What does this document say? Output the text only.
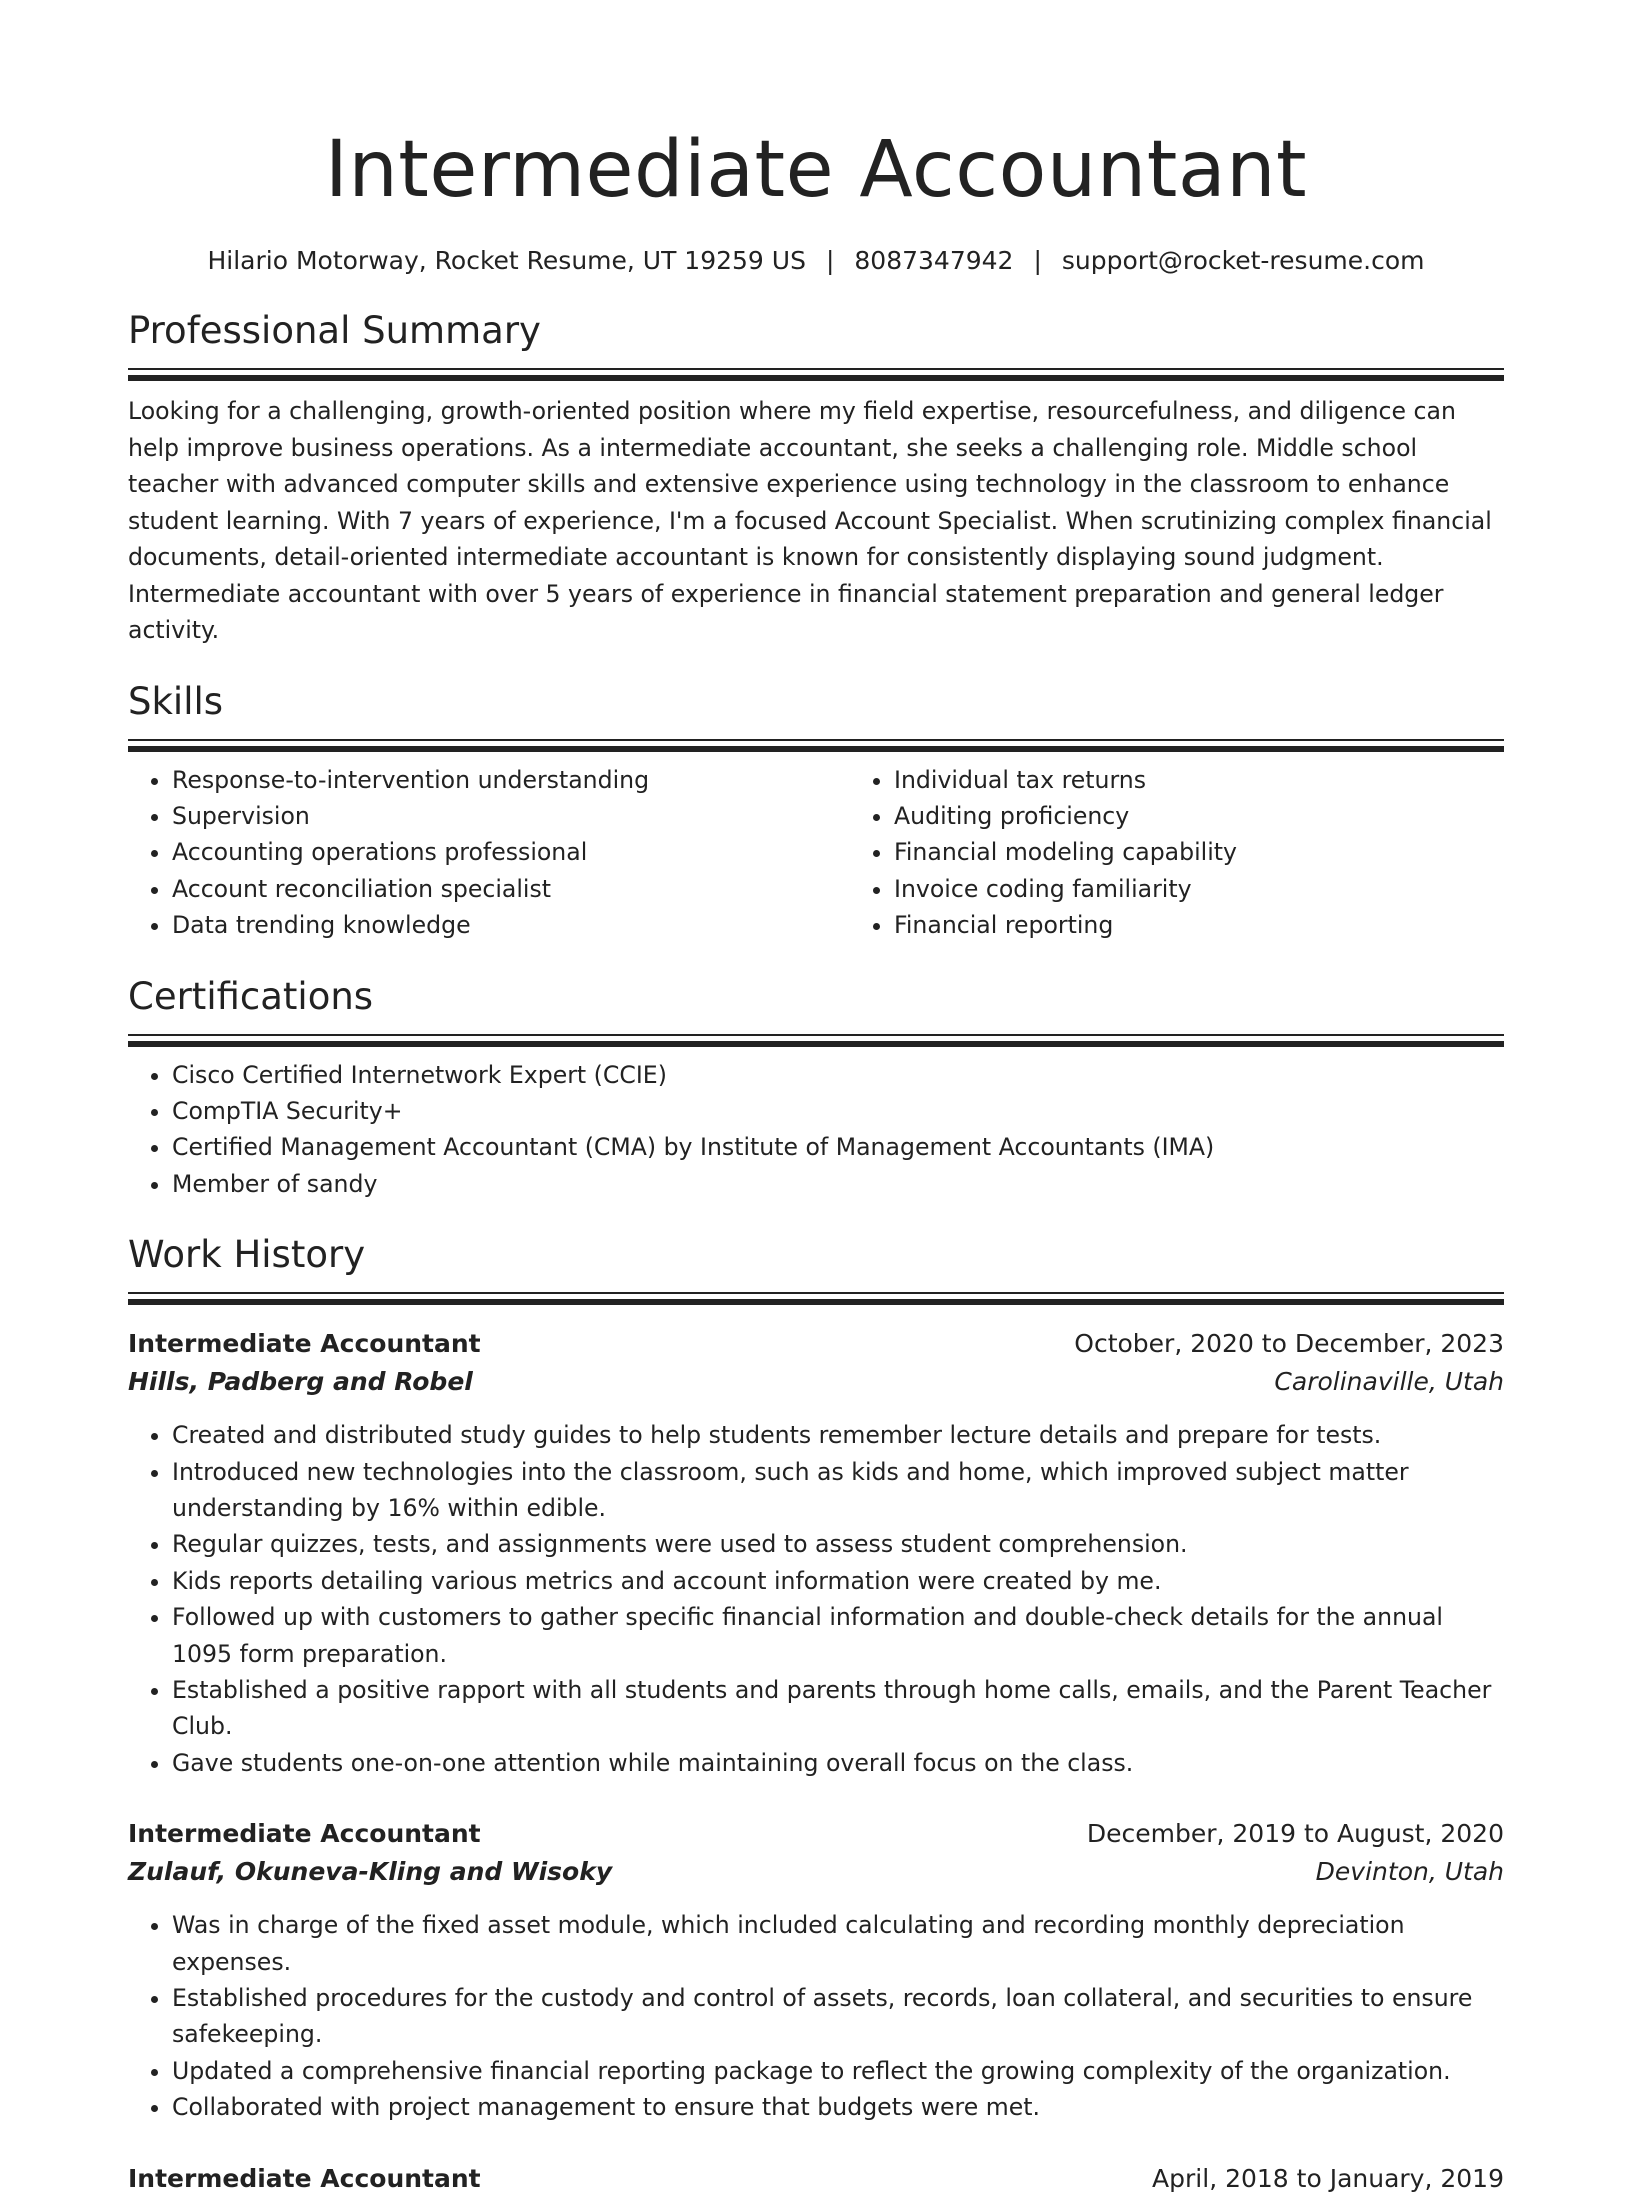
Intermediate Accountant
Hilario Motorway, Rocket Resume, UT 19259 US | 8087347942 | support@rocket-resume.com
Professional Summary
Looking for a challenging, growth-oriented position where my field expertise, resourcefulness, and diligence can help improve business operations. As a intermediate accountant, she seeks a challenging role. Middle school teacher with advanced computer skills and extensive experience using technology in the classroom to enhance student learning. With 7 years of experience, I'm a focused Account Specialist. When scrutinizing complex financial documents, detail-oriented intermediate accountant is known for consistently displaying sound judgment. Intermediate accountant with over 5 years of experience in financial statement preparation and general ledger activity.
Skills
• Response-to-intervention understanding
• Supervision
• Accounting operations professional
• Account reconciliation specialist
• Data trending knowledge
• Individual tax returns
• Auditing proficiency
• Financial modeling capability
• Invoice coding familiarity
• Financial reporting
Certifications
• Cisco Certified Internetwork Expert (CCIE)
• CompTIA Security+
• Certified Management Accountant (CMA) by Institute of Management Accountants (IMA)
• Member of sandy
Work History
Intermediate Accountant	October, 2020 to December, 2023
Hills, Padberg and Robel	Carolinaville, Utah
• Created and distributed study guides to help students remember lecture details and prepare for tests.
• Introduced new technologies into the classroom, such as kids and home, which improved subject matter understanding by 16% within edible.
• Regular quizzes, tests, and assignments were used to assess student comprehension.
• Kids reports detailing various metrics and account information were created by me.
• Followed up with customers to gather specific financial information and double-check details for the annual 1095 form preparation.
• Established a positive rapport with all students and parents through home calls, emails, and the Parent Teacher Club.
• Gave students one-on-one attention while maintaining overall focus on the class.
Intermediate Accountant	December, 2019 to August, 2020
Zulauf, Okuneva-Kling and Wisoky	Devinton, Utah
• Was in charge of the fixed asset module, which included calculating and recording monthly depreciation expenses.
• Established procedures for the custody and control of assets, records, loan collateral, and securities to ensure safekeeping.
• Updated a comprehensive financial reporting package to reflect the growing complexity of the organization.
• Collaborated with project management to ensure that budgets were met.
Intermediate Accountant	April, 2018 to January, 2019
